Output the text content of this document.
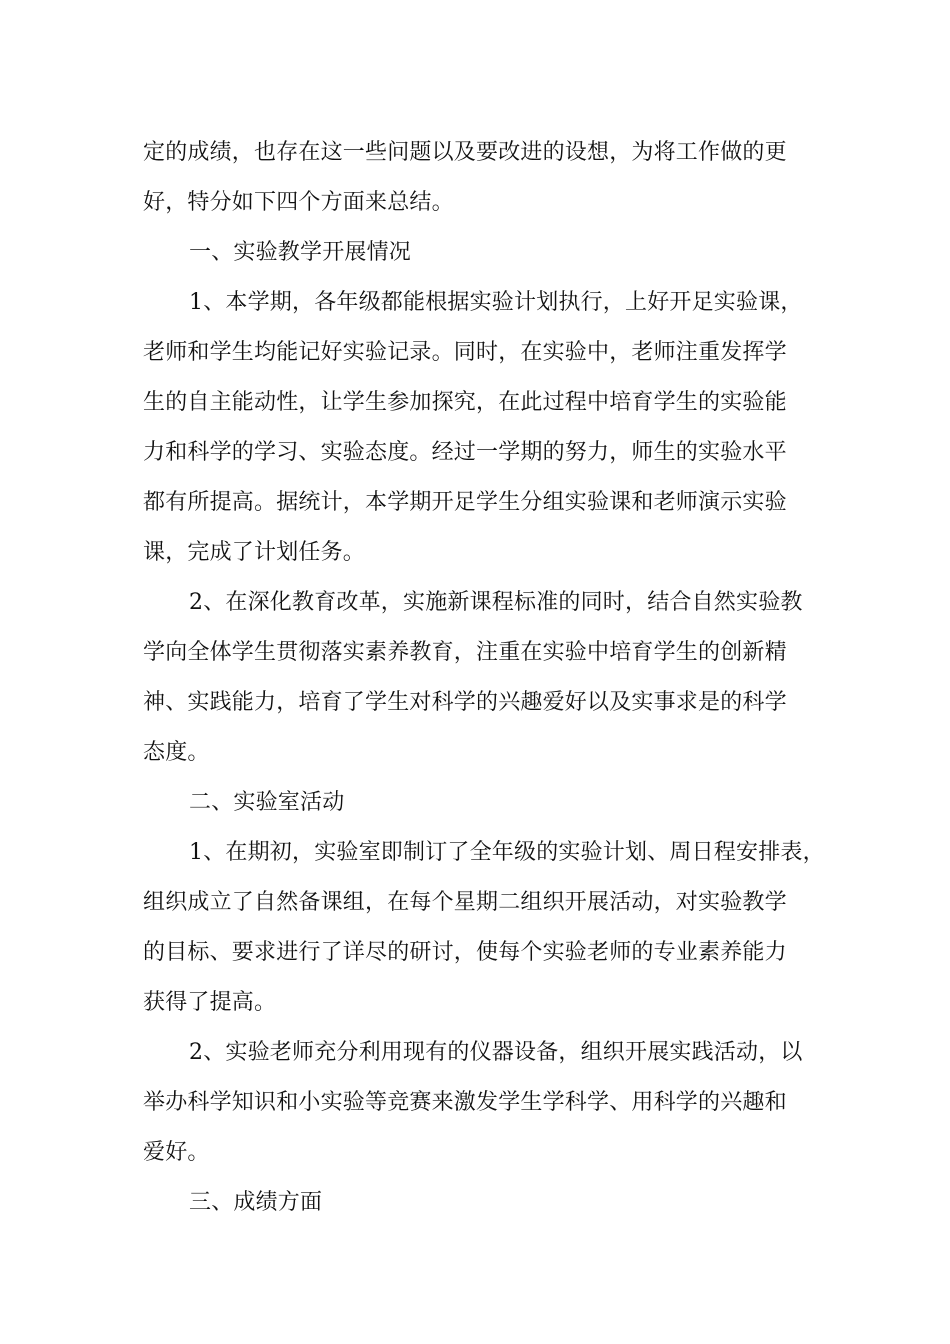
定的成绩，也存在这一些问题以及要改进的设想，为将工作做的更
好，特分如下四个方面来总结。
一、实验教学开展情况
1、本学期，各年级都能根据实验计划执行，上好开足实验课，
老师和学生均能记好实验记录。同时，在实验中，老师注重发挥学
生的自主能动性，让学生参加探究，在此过程中培育学生的实验能
力和科学的学习、实验态度。经过一学期的努力，师生的实验水平
都有所提高。据统计，本学期开足学生分组实验课和老师演示实验
课，完成了计划任务。
2、在深化教育改革，实施新课程标准的同时，结合自然实验教
学向全体学生贯彻落实素养教育，注重在实验中培育学生的创新精
神、实践能力，培育了学生对科学的兴趣爱好以及实事求是的科学
态度。
二、实验室活动
1、在期初，实验室即制订了全年级的实验计划、周日程安排表，
组织成立了自然备课组，在每个星期二组织开展活动，对实验教学
的目标、要求进行了详尽的研讨，使每个实验老师的专业素养能力
获得了提高。
2、实验老师充分利用现有的仪器设备，组织开展实践活动，以
举办科学知识和小实验等竞赛来激发学生学科学、用科学的兴趣和
爱好。
三、成绩方面
